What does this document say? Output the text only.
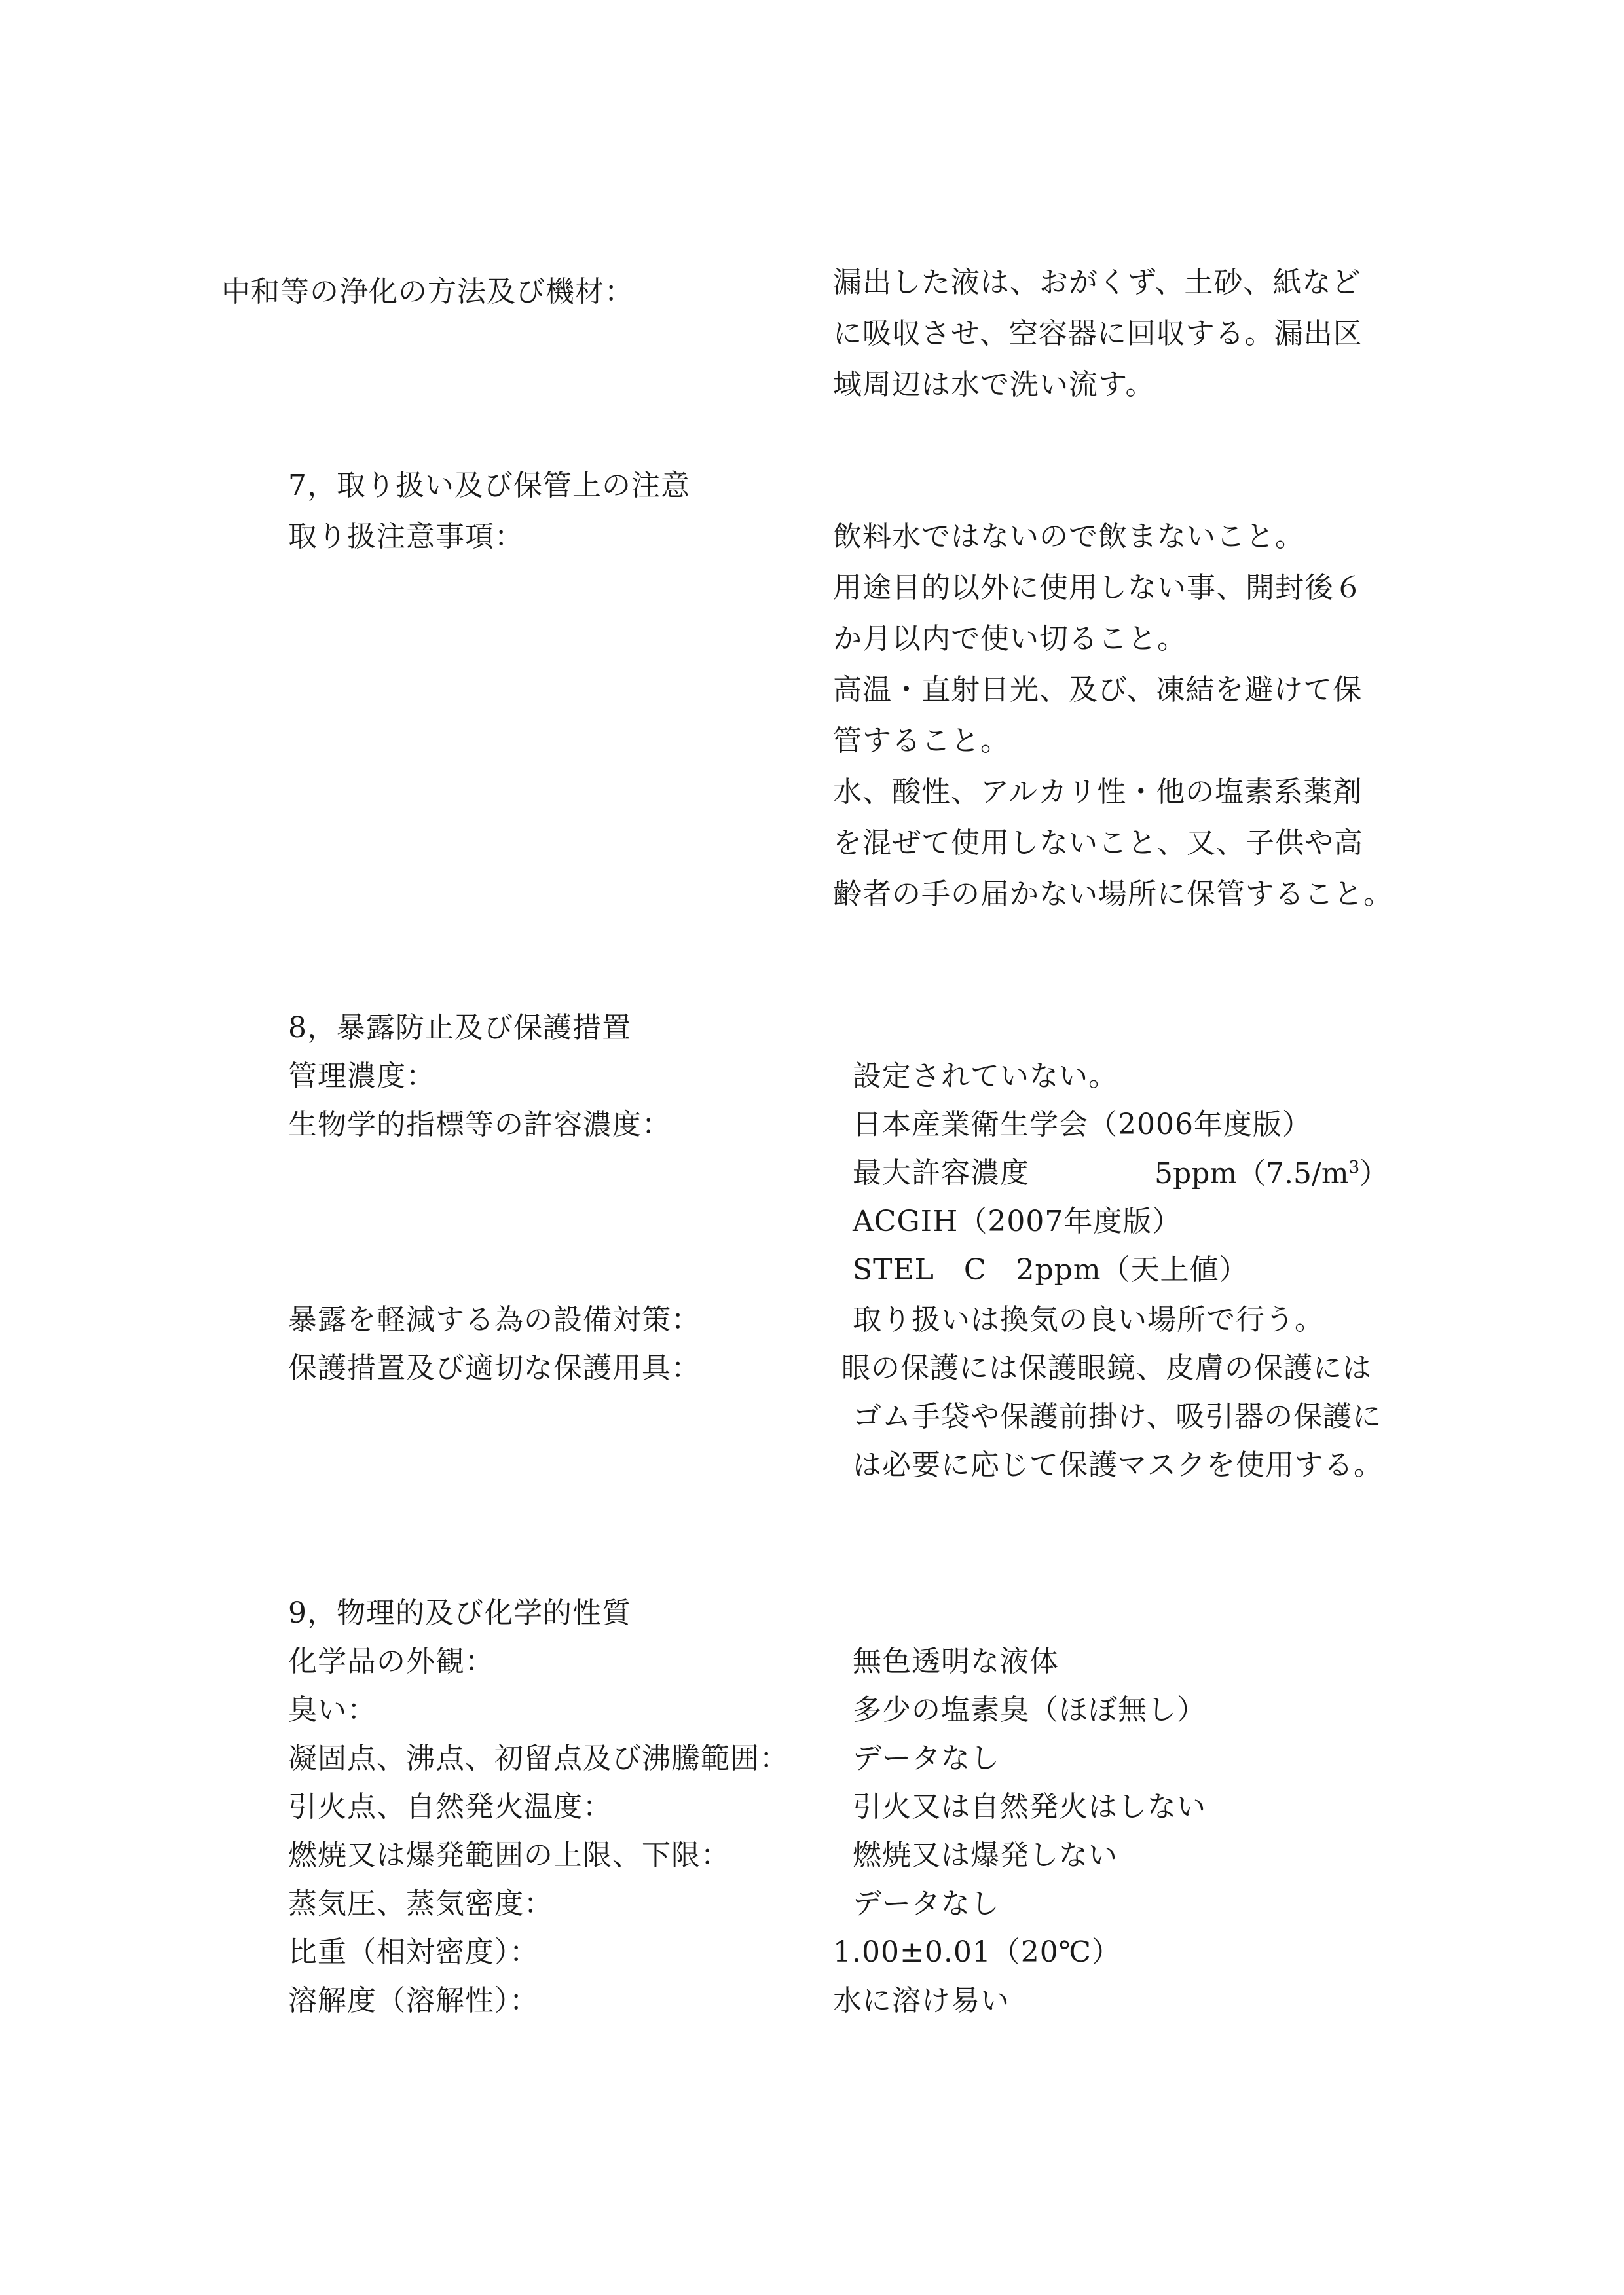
中和等の浄化の方法及び機材：	漏出した液は、おがくず、土砂、紙など
に吸収させ、空容器に回収する。漏出区
域周辺は水で洗い流す。
7，取り扱い及び保管上の注意
取り扱注意事項：	飲料水ではないので飲まないこと。
用途目的以外に使用しない事、開封後６
か月以内で使い切ること。
高温・直射日光、及び、凍結を避けて保
管すること。
水、酸性、アルカリ性・他の塩素系薬剤
を混ぜて使用しないこと、又、子供や高
齢者の手の届かない場所に保管すること。
8，暴露防止及び保護措置
管理濃度：	設定されていない。
生物学的指標等の許容濃度：	日本産業衛生学会（2006年度版）
最大許容濃度	$5ppm(7.5/m^3)$
ACGIH（2007年度版）
STEL　C　2ppm（天上値）
暴露を軽減する為の設備対策：	取り扱いは換気の良い場所で行う。
保護措置及び適切な保護用具：	眼の保護には保護眼鏡、皮膚の保護には
ゴム手袋や保護前掛け、吸引器の保護に
は必要に応じて保護マスクを使用する。
9，物理的及び化学的性質
化学品の外観：	無色透明な液体
臭い：	多少の塩素臭（ほぼ無し）
凝固点、沸点、初留点及び沸騰範囲： データなし
引火点、自然発火温度：	引火又は自然発火はしない
燃焼又は爆発範囲の上限、下限：	燃焼又は爆発しない
蒸気圧、蒸気密度：	データなし
比重（相対密度）：	1.00±0.01（20℃）
溶解度（溶解性）：	水に溶け易い
